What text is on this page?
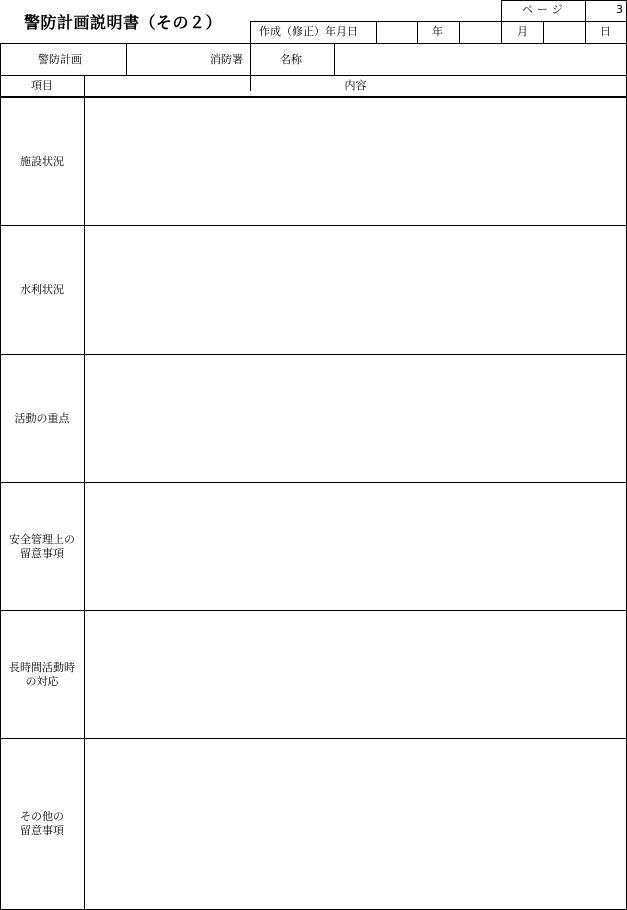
警防計画説明書（その２）
ページ	3
作成（修正）年月日	年	月	日
警防計画	消防署	名称
項目	内容
施設状況
水利状況
活動の重点
安全管理上の
留意事項
長時間活動時
の対応
その他の
留意事項
